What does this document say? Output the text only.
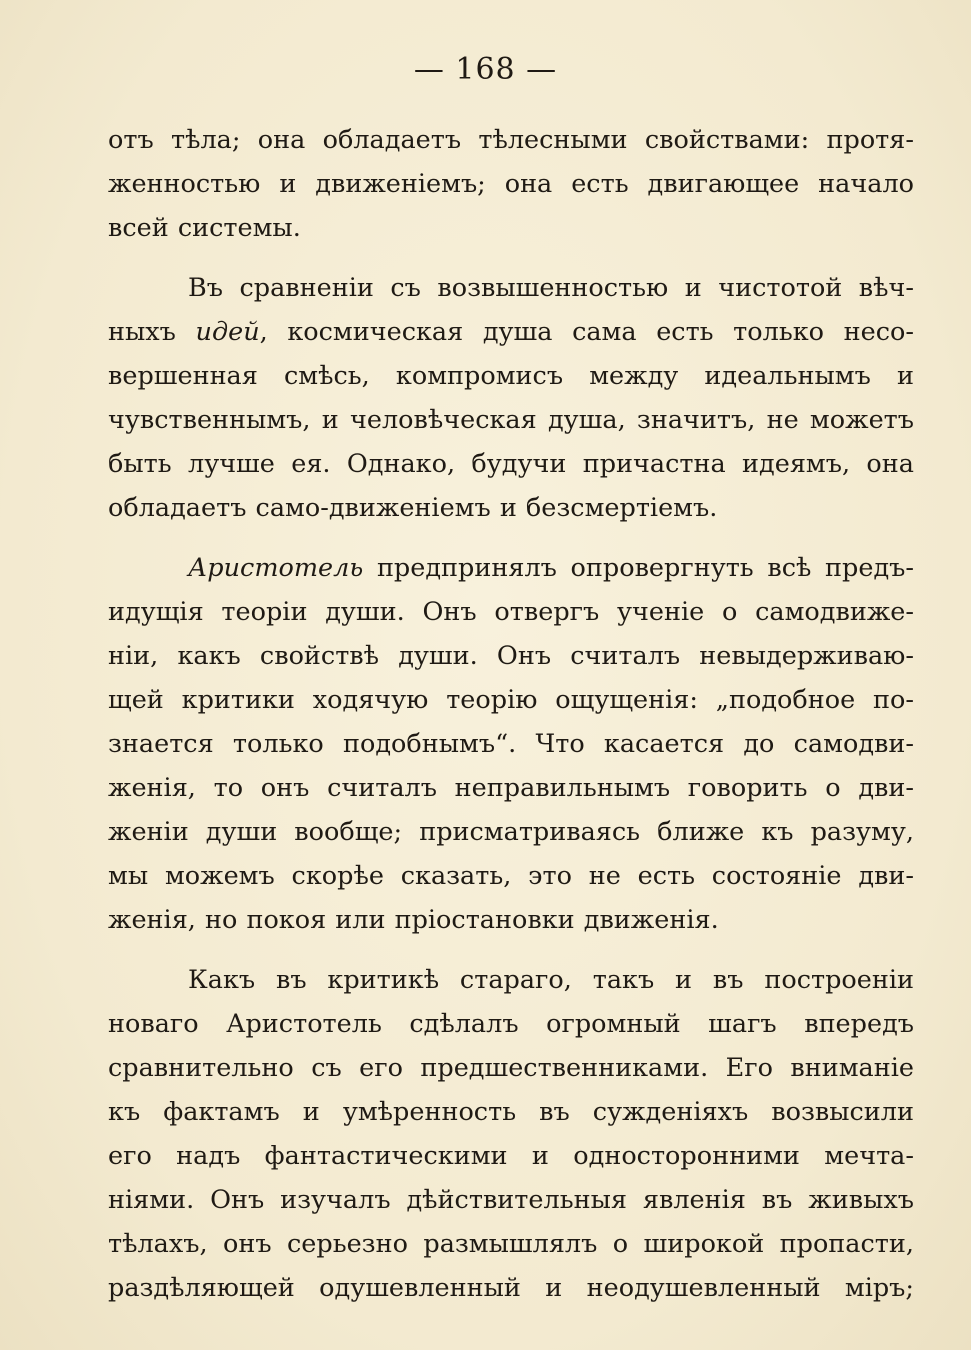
— 168 —

отъ тѣла; она обладаетъ тѣлесными свойствами: протя-
женностью и движеніемъ; она есть двигающее начало
всей системы.

Въ сравненіи съ возвышенностью и чистотой вѣч-
ныхъ идей, космическая душа сама есть только несо-
вершенная смѣсь, компромисъ между идеальнымъ и
чувственнымъ, и человѣческая душа, значитъ, не можетъ
быть лучше ея. Однако, будучи причастна идеямъ, она
обладаетъ само-движеніемъ и безсмертіемъ.

Аристотель предпринялъ опровергнуть всѣ предъ-
идущія теоріи души. Онъ отвергъ ученіе о самодвиже-
ніи, какъ свойствѣ души. Онъ считалъ невыдерживаю-
щей критики ходячую теорію ощущенія: „подобное по-
знается только подобнымъ“. Что касается до самодви-
женія, то онъ считалъ неправильнымъ говорить о дви-
женіи души вообще; присматриваясь ближе къ разуму,
мы можемъ скорѣе сказать, это не есть состояніе дви-
женія, но покоя или пріостановки движенія.

Какъ въ критикѣ стараго, такъ и въ построеніи
новаго Аристотель сдѣлалъ огромный шагъ впередъ
сравнительно съ его предшественниками. Его вниманіе
къ фактамъ и умѣренность въ сужденіяхъ возвысили
его надъ фантастическими и односторонними мечта-
ніями. Онъ изучалъ дѣйствительныя явленія въ живыхъ
тѣлахъ, онъ серьезно размышлялъ о широкой пропасти,
раздѣляющей одушевленный и неодушевленный міръ;
